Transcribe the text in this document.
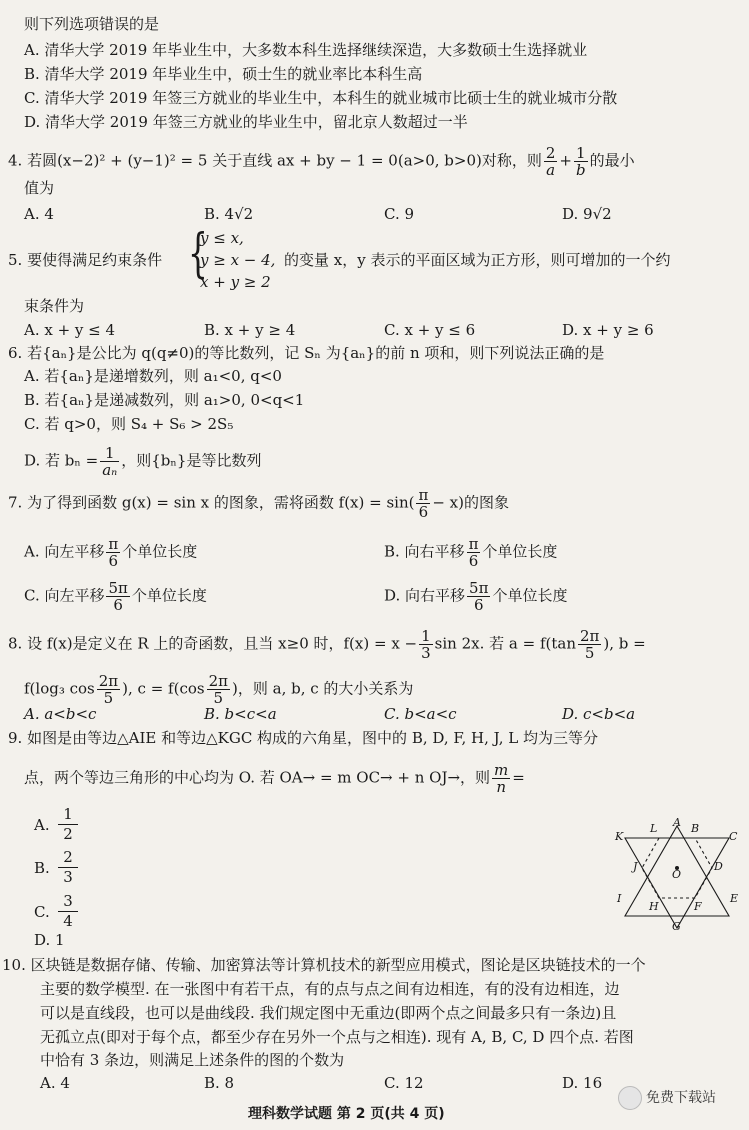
则下列选项错误的是
A. 清华大学 2019 年毕业生中，大多数本科生选择继续深造，大多数硕士生选择就业
B. 清华大学 2019 年毕业生中，硕士生的就业率比本科生高
C. 清华大学 2019 年签三方就业的毕业生中，本科生的就业城市比硕士生的就业城市分散
D. 清华大学 2019 年签三方就业的毕业生中，留北京人数超过一半
4. 若圆(x−2)² + (y−1)² = 5 关于直线 ax + by − 1 = 0(a>0, b>0)对称，则 $\frac{2}{a} + \frac{1}{b}$ 的最小
值为
A. 4	B. 4√2	C. 9	D. 9√2
5. 要使得满足约束条件 {
y ≤ x,
y ≥ x − 4,
x + y ≥ 2
的变量 x，y 表示的平面区域为正方形，则可增加的一个约
束条件为
A. x + y ≤ 4	B. x + y ≥ 4	C. x + y ≤ 6	D. x + y ≥ 6
6. 若{aₙ}是公比为 q(q≠0)的等比数列，记 Sₙ 为{aₙ}的前 n 项和，则下列说法正确的是
A. 若{aₙ}是递增数列，则 a₁<0, q<0
B. 若{aₙ}是递减数列，则 a₁>0, 0<q<1
C. 若 q>0，则 S₄ + S₆ > 2S₅
D. 若 $b_n = \frac{1}{\text{aₙ}}$ ，则{bₙ}是等比数列
7. 为了得到函数 g(x) = sin x 的图象，需将函数 $f(x) = \sin( \frac{\pi}{6} - x)$的图象
A. 向左平移 $\frac{\pi}{6}$ 个单位长度	B. 向右平移 $\frac{\pi}{6}$ 个单位长度
C. 向左平移 $\frac{5\pi}{6}$ 个单位长度	D. 向右平移 $\frac{5\pi}{6}$ 个单位长度
8. 设 f(x)是定义在 R 上的奇函数，且当 x≥0 时，$f(x) = x - \frac{1}{3}$ sin 2x. 若 $a = f(\tan \frac{2\pi}{5}$ ), b =
f(log₃ $\cos \frac{2\pi}{5}$ ), $c = f(\cos \frac{2\pi}{5}$ )，则 a, b, c 的大小关系为
A. a<b<c	B. b<c<a	C. b<a<c	D. c<b<a
9. 如图是由等边△AIE 和等边△KGC 构成的六角星，图中的 B, D, F, H, J, L 均为三等分
点，两个等边三角形的中心均为 O. 若 OA→ = m OC→ + n OJ→，则 $\frac{m}{n}$ =
A.
1
2
B.
2
3
C.
3
4
D. 1
A B
C
D
E
F
G
H
I
J
K
L
O
10. 区块链是数据存储、传输、加密算法等计算机技术的新型应用模式，图论是区块链技术的一个
主要的数学模型. 在一张图中有若干点，有的点与点之间有边相连，有的没有边相连，边
可以是直线段，也可以是曲线段. 我们规定图中无重边(即两个点之间最多只有一条边)且
无孤立点(即对于每个点，都至少存在另外一个点与之相连). 现有 A, B, C, D 四个点. 若图
中恰有 3 条边，则满足上述条件的图的个数为
A. 4	B. 8	C. 12	D. 16
免费下载站
理科数学试题 第 2 页(共 4 页)
